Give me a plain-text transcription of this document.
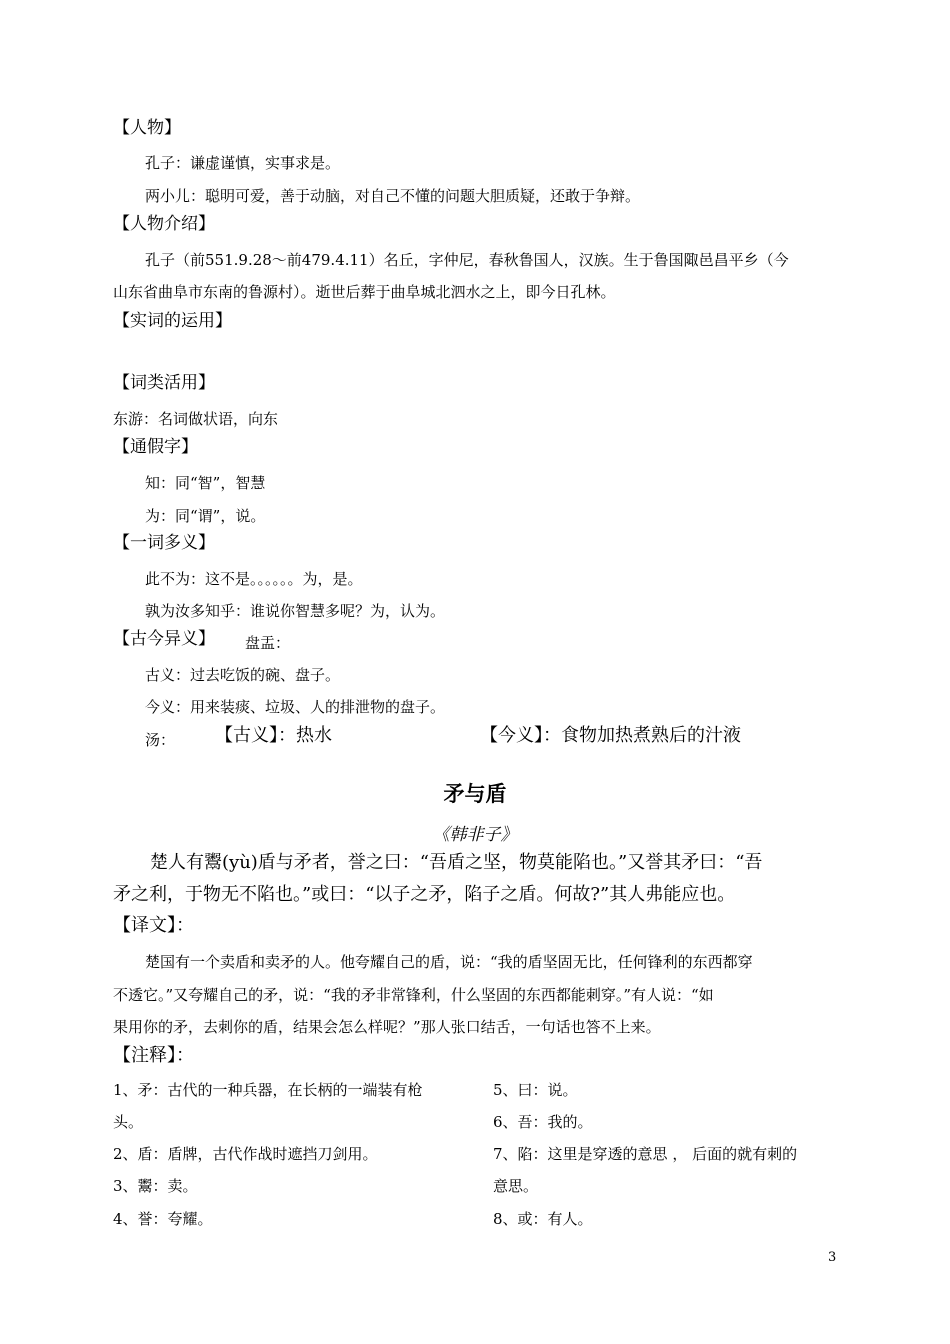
【人物】
孔子：谦虚谨慎，实事求是。
两小儿：聪明可爱，善于动脑，对自己不懂的问题大胆质疑，还敢于争辩。
【人物介绍】
孔子（前551.9.28～前479.4.11）名丘，字仲尼，春秋鲁国人，汉族。生于鲁国陬邑昌平乡（今
山东省曲阜市东南的鲁源村）。逝世后葬于曲阜城北泗水之上，即今日孔林。
【实词的运用】
【词类活用】
东游：名词做状语，向东
【通假字】
知：同“智”，智慧
为：同“谓”，说。
【一词多义】
此不为：这不是。。。。。。为，是。
孰为汝多知乎：谁说你智慧多呢？为，认为。
【古今异义】 盘盂：
古义：过去吃饭的碗、盘子。
今义：用来装痰、垃圾、人的排泄物的盘子。
汤： 【古义】：热水	【今义】：食物加热煮熟后的汁液
矛与盾
《韩非子》
楚人有鬻(yù)盾与矛者，誉之曰：“吾盾之坚，物莫能陷也。”又誉其矛曰：“吾
矛之利，于物无不陷也。”或曰：“以子之矛，陷子之盾。何故?”其人弗能应也。
【译文】：
楚国有一个卖盾和卖矛的人。他夸耀自己的盾，说：“我的盾坚固无比，任何锋利的东西都穿
不透它。”又夸耀自己的矛，说：“我的矛非常锋利，什么坚固的东西都能刺穿。”有人说：“如
果用你的矛，去刺你的盾，结果会怎么样呢？”那人张口结舌，一句话也答不上来。
【注释】：
1、矛：古代的一种兵器，在长柄的一端装有枪
头。
2、盾：盾牌，古代作战时遮挡刀剑用。
3、鬻：卖。
4、誉：夸耀。
5、曰：说。
6、吾：我的。
7、陷：这里是穿透的意思 ， 后面的就有刺的
意思。
8、或：有人。
3
